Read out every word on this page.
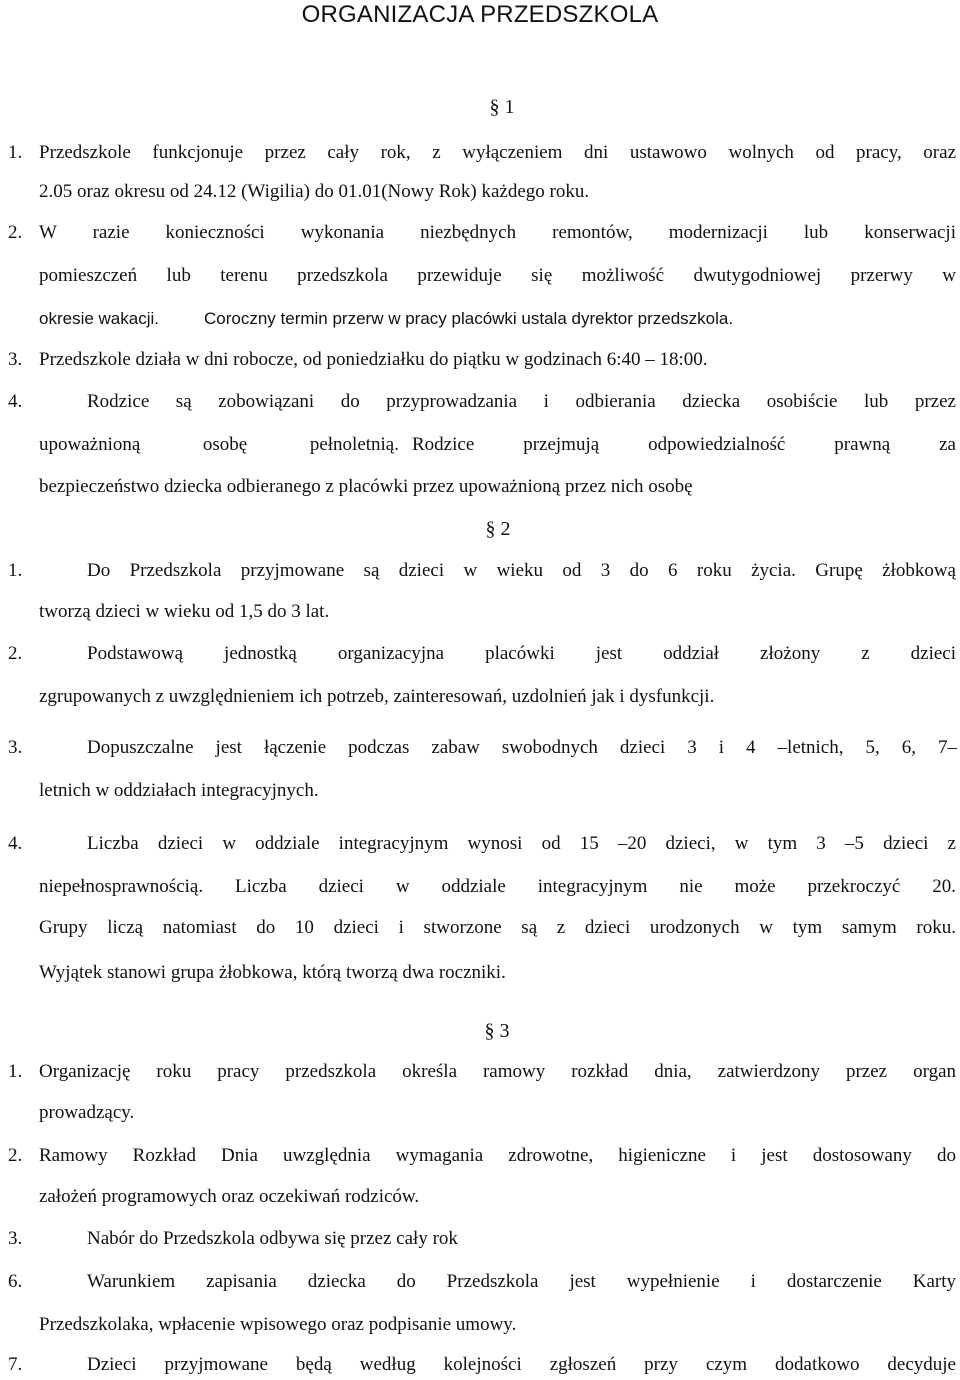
ORGANIZACJA PRZEDSZKOLA
§ 1
1. Przedszkole funkcjonuje przez cały rok, z wyłączeniem dni ustawowo wolnych od pracy, oraz
2.05 oraz okresu od 24.12 (Wigilia) do 01.01(Nowy Rok) każdego roku.
2. W razie konieczności wykonania niezbędnych remontów, modernizacji lub konserwacji
pomieszczeń lub terenu przedszkola przewiduje się możliwość dwutygodniowej przerwy w
okresie wakacji.	Coroczny termin przerw w pracy placówki ustala dyrektor przedszkola.
3. Przedszkole działa w dni robocze, od poniedziałku do piątku w godzinach 6:40 – 18:00.
4.	Rodzice są zobowiązani do przyprowadzania i odbierania dziecka osobiście lub przez
upoważnioną osobę pełnoletnią. Rodzice przejmują odpowiedzialność prawną za
bezpieczeństwo dziecka odbieranego z placówki przez upoważnioną przez nich osobę
§ 2
1.	Do Przedszkola przyjmowane są dzieci w wieku od 3 do 6 roku życia. Grupę żłobkową
tworzą dzieci w wieku od 1,5 do 3 lat.
2.	Podstawową jednostką organizacyjna placówki jest oddział złożony z dzieci
zgrupowanych z uwzględnieniem ich potrzeb, zainteresowań, uzdolnień jak i dysfunkcji.
3.	Dopuszczalne jest łączenie podczas zabaw swobodnych dzieci 3 i 4 –letnich, 5, 6, 7–
letnich w oddziałach integracyjnych.
4.	Liczba dzieci w oddziale integracyjnym wynosi od 15 –20 dzieci, w tym 3 –5 dzieci z
niepełnosprawnością. Liczba dzieci w oddziale integracyjnym nie może przekroczyć 20.
Grupy liczą natomiast do 10 dzieci i stworzone są z dzieci urodzonych w tym samym roku.
Wyjątek stanowi grupa żłobkowa, którą tworzą dwa roczniki.
§ 3
1. Organizację roku pracy przedszkola określa ramowy rozkład dnia, zatwierdzony przez organ
prowadzący.
2. Ramowy Rozkład Dnia uwzględnia wymagania zdrowotne, higieniczne i jest dostosowany do
założeń programowych oraz oczekiwań rodziców.
3.	Nabór do Przedszkola odbywa się przez cały rok
6.	Warunkiem zapisania dziecka do Przedszkola jest wypełnienie i dostarczenie Karty
Przedszkolaka, wpłacenie wpisowego oraz podpisanie umowy.
7.	Dzieci przyjmowane będą według kolejności zgłoszeń przy czym dodatkowo decyduje
